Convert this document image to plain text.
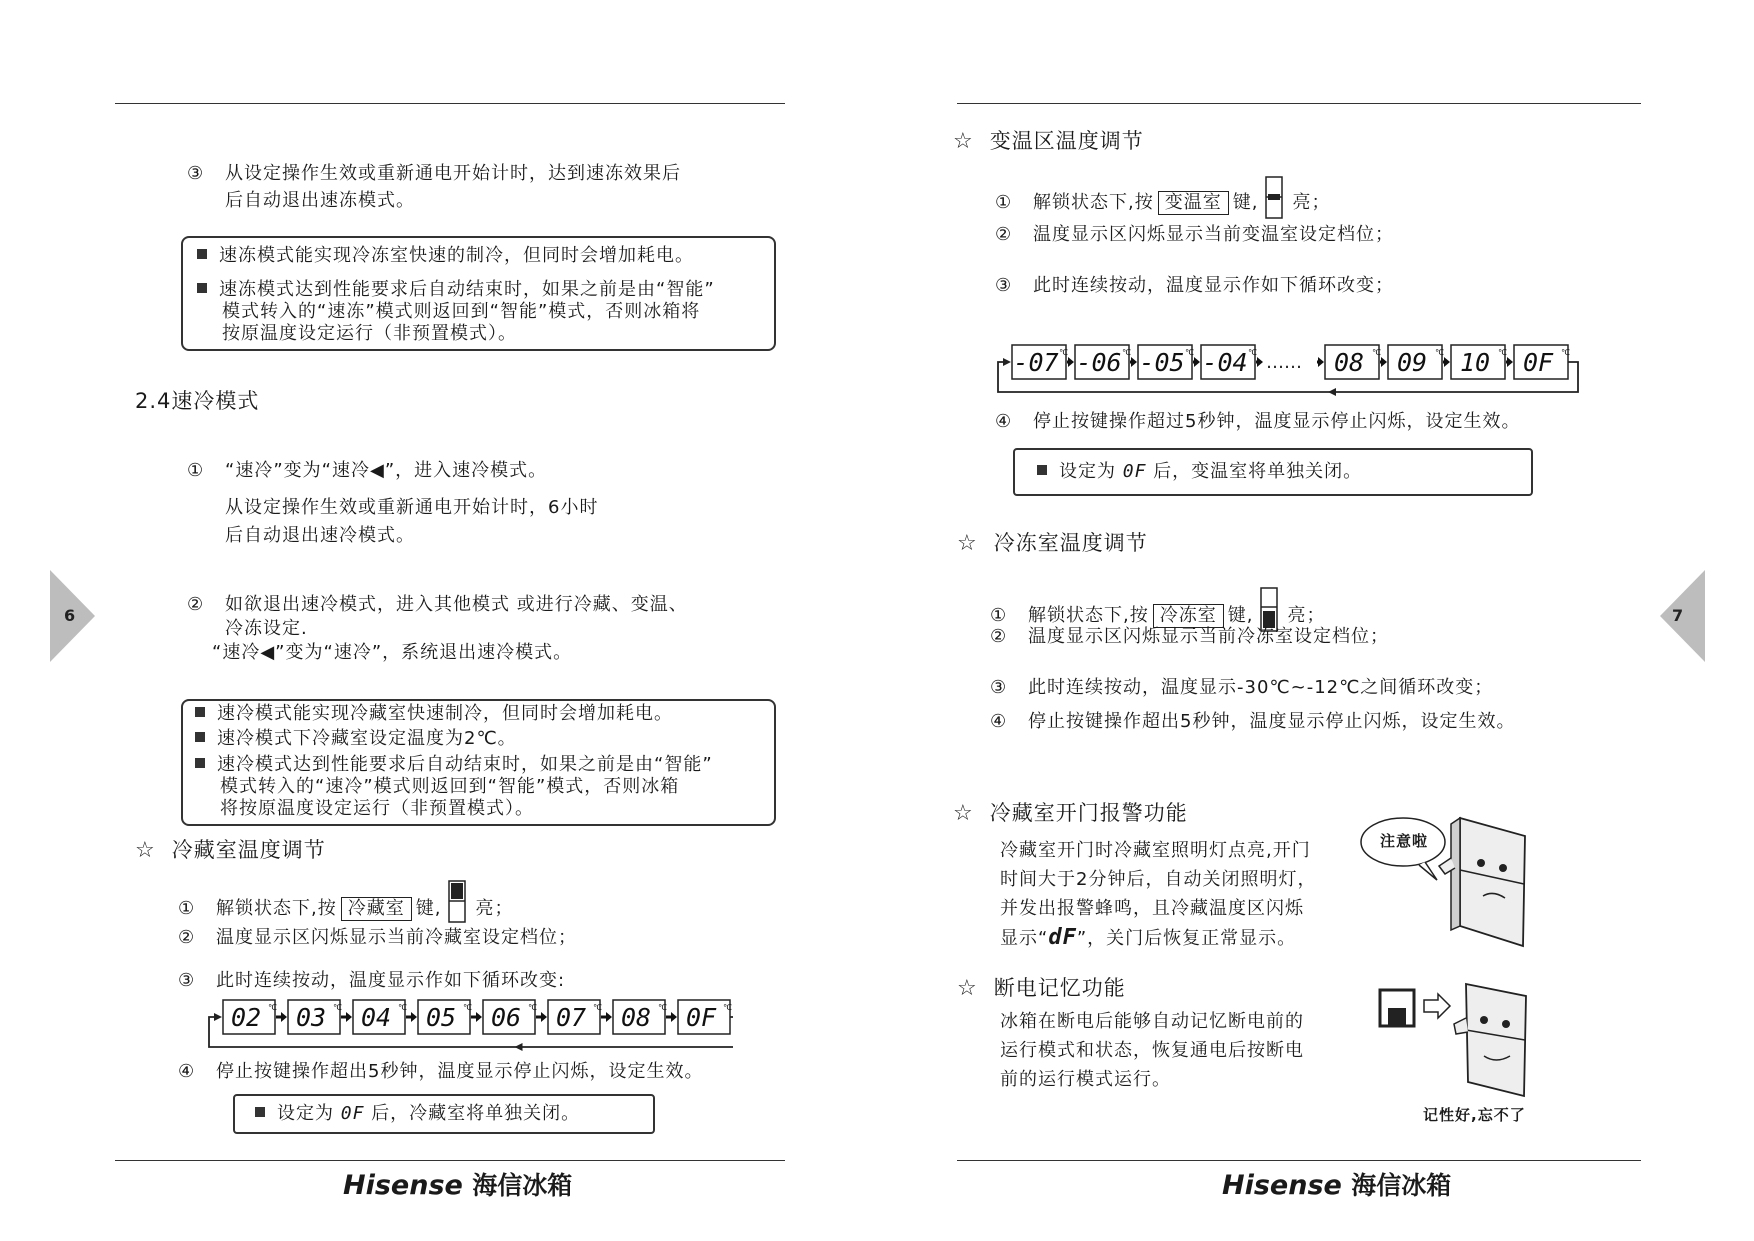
③ 从设定操作生效或重新通电开始计时，达到速冻效果后
后自动退出速冻模式。
速冻模式能实现冷冻室快速的制冷，但同时会增加耗电。
速冻模式达到性能要求后自动结束时，如果之前是由“智能”
模式转入的“速冻”模式则返回到“智能”模式，否则冰箱将
按原温度设定运行（非预置模式）。
2.4速冷模式
① “速冷”变为“速冷◀”，进入速冷模式。
从设定操作生效或重新通电开始计时，6小时
后自动退出速冷模式。
② 如欲退出速冷模式，进入其他模式 或进行冷藏、变温、
冷冻设定.
“速冷◀”变为“速冷”，系统退出速冷模式。
速冷模式能实现冷藏室快速制冷，但同时会增加耗电。
速冷模式下冷藏室设定温度为2℃。
速冷模式达到性能要求后自动结束时，如果之前是由“智能”
模式转入的“速冷”模式则返回到“智能”模式，否则冰箱
将按原温度设定运行（非预置模式）。
☆ 冷藏室温度调节
① 解锁状态下,按 冷藏室 键, 亮；
② 温度显示区闪烁显示当前冷藏室设定档位；
③ 此时连续按动，温度显示作如下循环改变:
02 ℃ 03 ℃ 04 ℃ 05 ℃ 06 ℃ 07 ℃ 08 ℃ 0F ℃
④ 停止按键操作超出5秒钟，温度显示停止闪烁，设定生效。
设定为 0F 后，冷藏室将单独关闭。
Hisense 海信冰箱
6
☆ 变温区温度调节
① 解锁状态下,按 变温室 键, 亮；
② 温度显示区闪烁显示当前变温室设定档位；
③ 此时连续按动，温度显示作如下循环改变；
-07 ℃ -06 ℃ -05 ℃ -04 ℃ …… 08 ℃ 09 ℃ 10 ℃ 0F ℃
④ 停止按键操作超过5秒钟，温度显示停止闪烁，设定生效。
设定为 0F 后，变温室将单独关闭。
☆ 冷冻室温度调节
① 解锁状态下,按 冷冻室 键, 亮；
② 温度显示区闪烁显示当前冷冻室设定档位；
③ 此时连续按动，温度显示-30℃~-12℃之间循环改变；
④ 停止按键操作超出5秒钟，温度显示停止闪烁，设定生效。
☆ 冷藏室开门报警功能
冷藏室开门时冷藏室照明灯点亮,开门
时间大于2分钟后，自动关闭照明灯，
并发出报警蜂鸣，且冷藏温度区闪烁
显示“dF”，关门后恢复正常显示。
注意啦
☆ 断电记忆功能
冰箱在断电后能够自动记忆断电前的
运行模式和状态，恢复通电后按断电
前的运行模式运行。
记性好,忘不了
Hisense 海信冰箱
7
